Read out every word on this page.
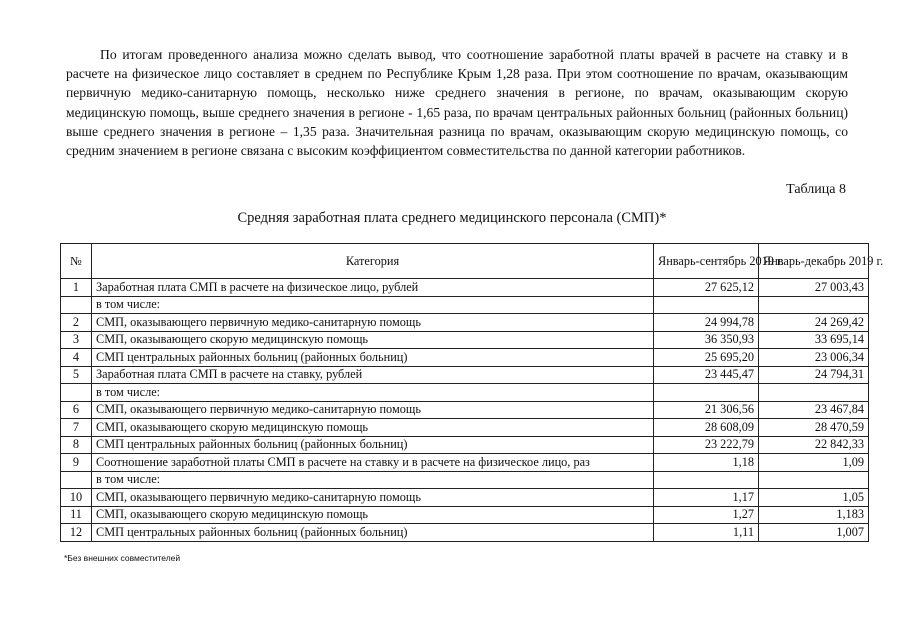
По итогам проведенного анализа можно сделать вывод, что соотношение заработной платы врачей в расчете на ставку и в расчете на физическое лицо составляет в среднем по Республике Крым 1,28 раза. При этом соотношение по врачам, оказывающим первичную медико-санитарную помощь, несколько ниже среднего значения в регионе, по врачам, оказывающим скорую медицинскую помощь, выше среднего значения в регионе - 1,65 раза, по врачам центральных районных больниц (районных больниц) выше среднего значения в регионе – 1,35 раза. Значительная разница по врачам, оказывающим скорую медицинскую помощь, со средним значением в регионе связана с высоким коэффициентом совместительства по данной категории работников.

Таблица 8
Средняя заработная плата среднего медицинского персонала (СМП)*
№	Категория	Январь-сентябрь 2019 г.	Январь-декабрь 2019 г.
1	Заработная плата СМП в расчете на физическое лицо, рублей	27 625,12	27 003,43
	в том числе:		
2	СМП, оказывающего первичную медико-санитарную помощь	24 994,78	24 269,42
3	СМП, оказывающего скорую медицинскую помощь	36 350,93	33 695,14
4	СМП центральных районных больниц (районных больниц)	25 695,20	23 006,34
5	Заработная плата СМП в расчете на ставку, рублей	23 445,47	24 794,31
	в том числе:		
6	СМП, оказывающего первичную медико-санитарную помощь	21 306,56	23 467,84
7	СМП, оказывающего скорую медицинскую помощь	28 608,09	28 470,59
8	СМП центральных районных больниц (районных больниц)	23 222,79	22 842,33
9	Соотношение заработной платы СМП в расчете на ставку и в расчете на физическое лицо, раз	1,18	1,09
	в том числе:		
10	СМП, оказывающего первичную медико-санитарную помощь	1,17	1,05
11	СМП, оказывающего скорую медицинскую помощь	1,27	1,183
12	СМП центральных районных больниц (районных больниц)	1,11	1,007
*Без внешних совместителей
